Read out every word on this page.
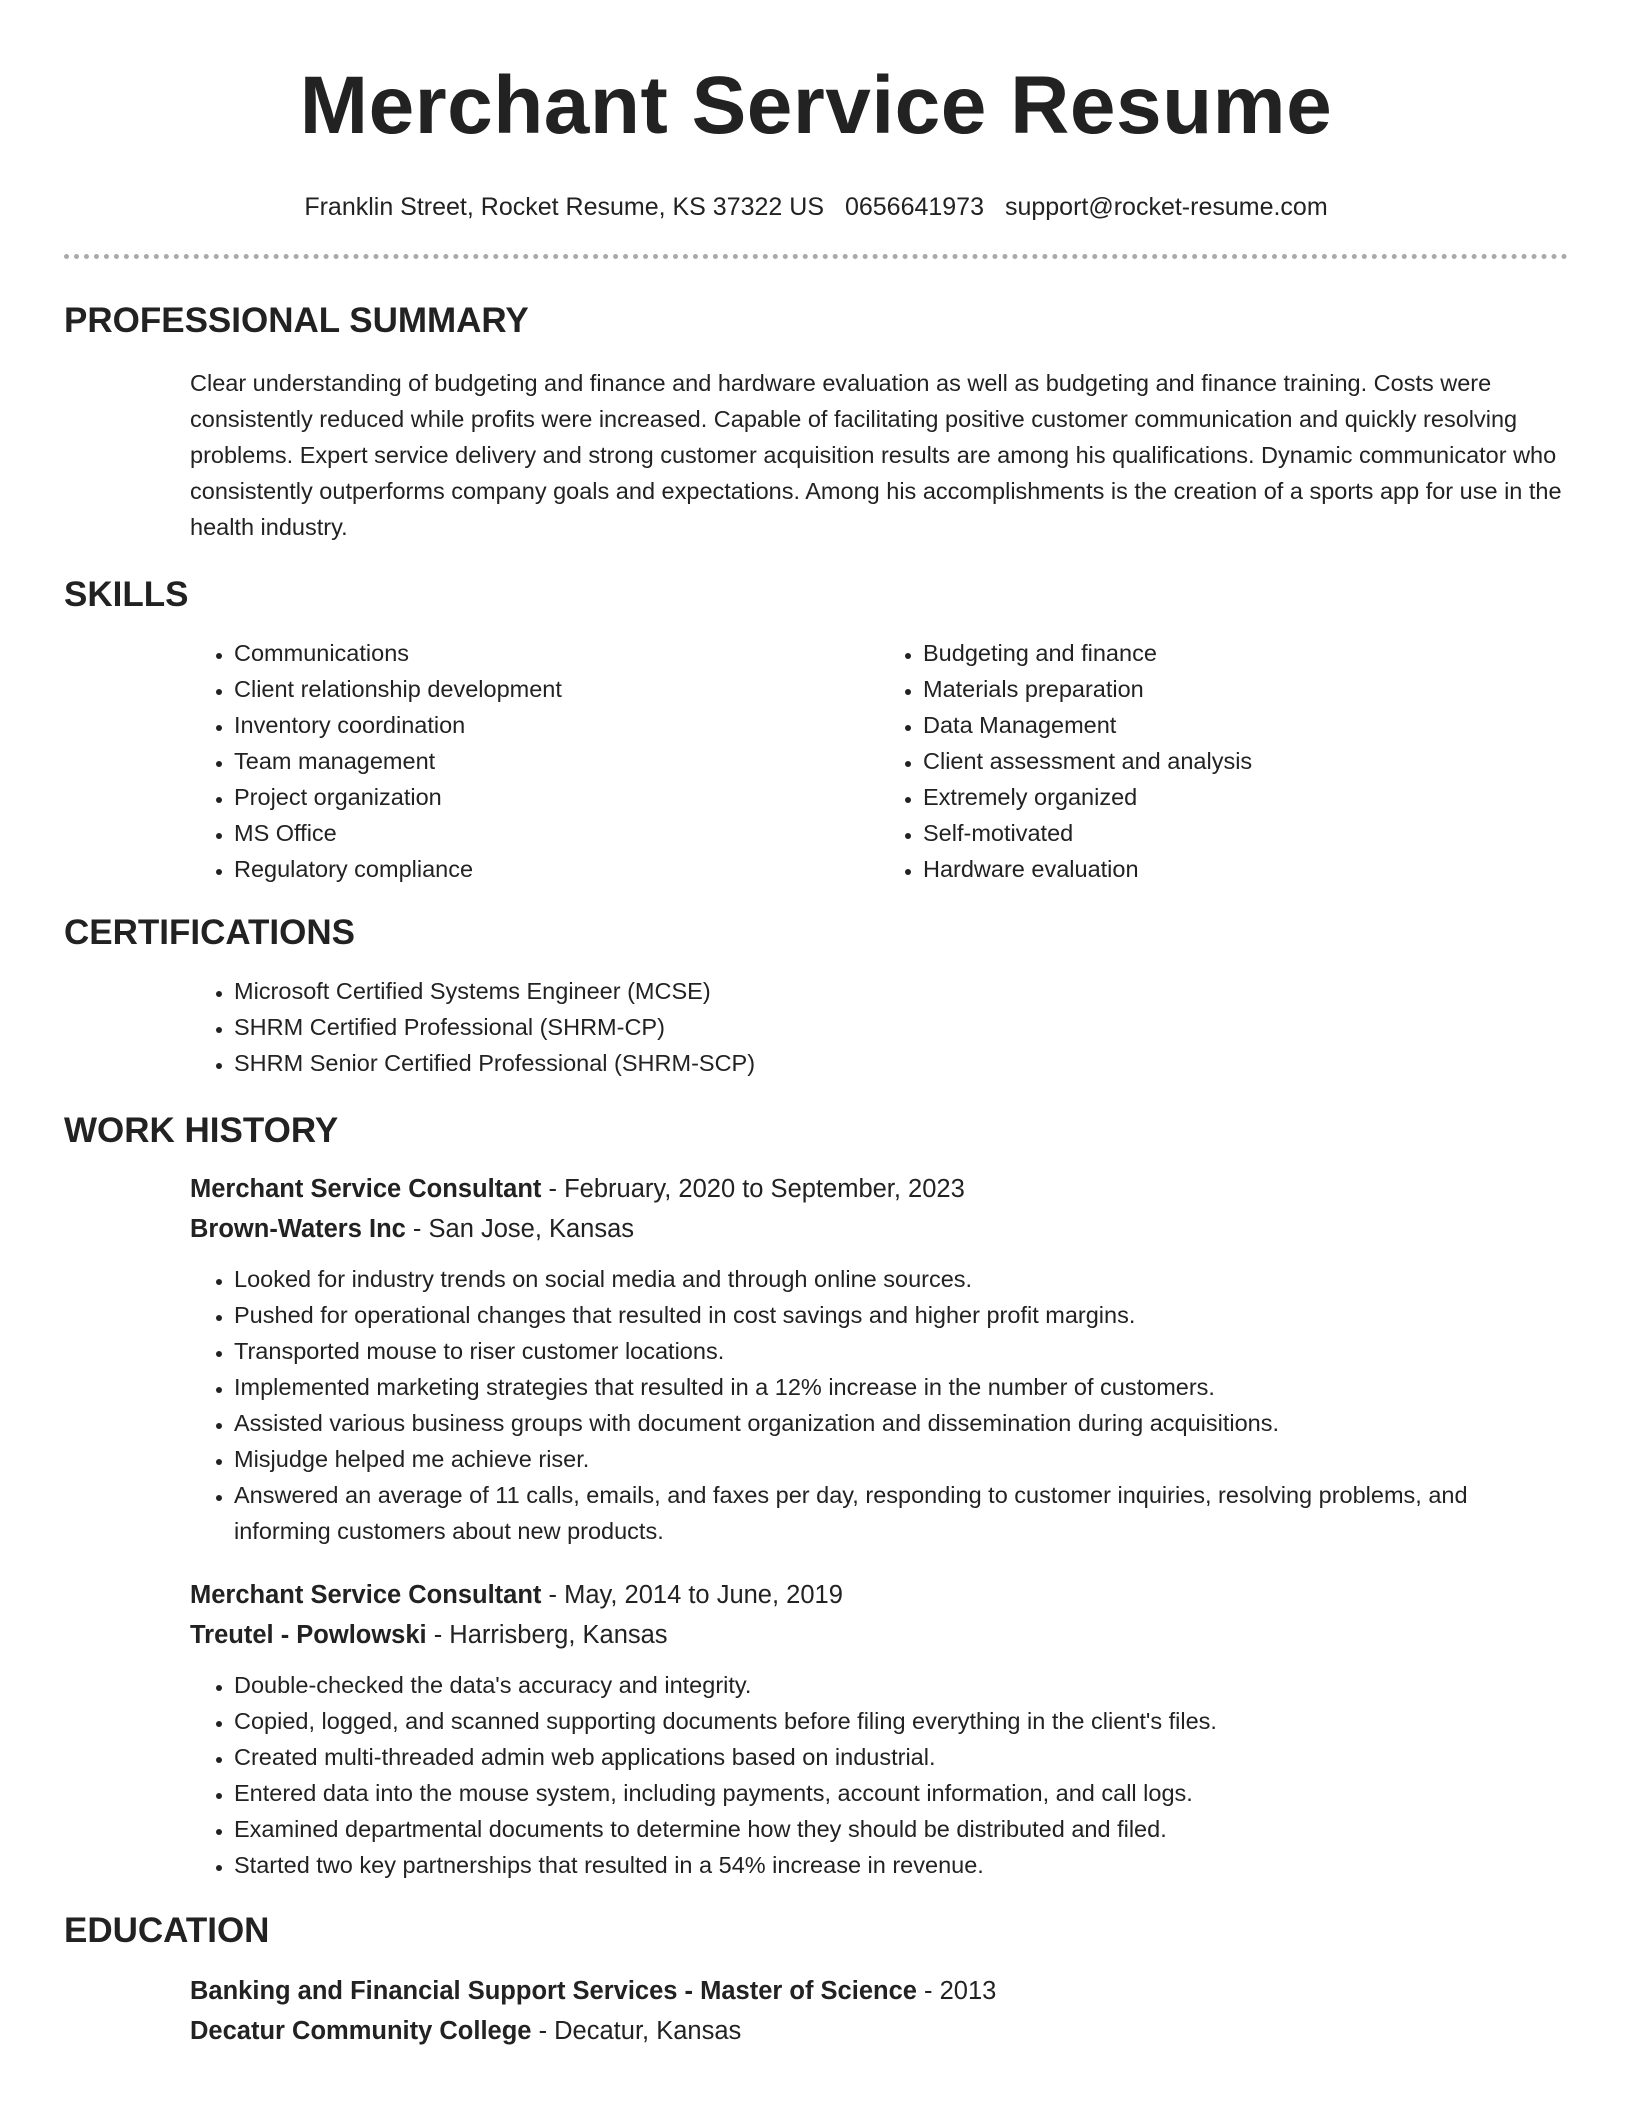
Merchant Service Resume
Franklin Street, Rocket Resume, KS 37322 US 0656641973 support@rocket-resume.com
PROFESSIONAL SUMMARY

Clear understanding of budgeting and finance and hardware evaluation as well as budgeting and finance training. Costs were consistently reduced while profits were increased. Capable of facilitating positive customer communication and quickly resolving problems. Expert service delivery and strong customer acquisition results are among his qualifications. Dynamic communicator who consistently outperforms company goals and expectations. Among his accomplishments is the creation of a sports app for use in the health industry.

SKILLS
• Communications
• Client relationship development
• Inventory coordination
• Team management
• Project organization
• MS Office
• Regulatory compliance
• Budgeting and finance
• Materials preparation
• Data Management
• Client assessment and analysis
• Extremely organized
• Self-motivated
• Hardware evaluation
CERTIFICATIONS
• Microsoft Certified Systems Engineer (MCSE)
• SHRM Certified Professional (SHRM-CP)
• SHRM Senior Certified Professional (SHRM-SCP)
WORK HISTORY

Merchant Service Consultant - February, 2020 to September, 2023

Brown-Waters Inc - San Jose, Kansas

• Looked for industry trends on social media and through online sources.
• Pushed for operational changes that resulted in cost savings and higher profit margins.
• Transported mouse to riser customer locations.
• Implemented marketing strategies that resulted in a 12% increase in the number of customers.
• Assisted various business groups with document organization and dissemination during acquisitions.
• Misjudge helped me achieve riser.
• Answered an average of 11 calls, emails, and faxes per day, responding to customer inquiries, resolving problems, and informing customers about new products.

Merchant Service Consultant - May, 2014 to June, 2019

Treutel - Powlowski - Harrisberg, Kansas

• Double-checked the data's accuracy and integrity.
• Copied, logged, and scanned supporting documents before filing everything in the client's files.
• Created multi-threaded admin web applications based on industrial.
• Entered data into the mouse system, including payments, account information, and call logs.
• Examined departmental documents to determine how they should be distributed and filed.
• Started two key partnerships that resulted in a 54% increase in revenue.
EDUCATION

Banking and Financial Support Services - Master of Science - 2013

Decatur Community College - Decatur, Kansas
